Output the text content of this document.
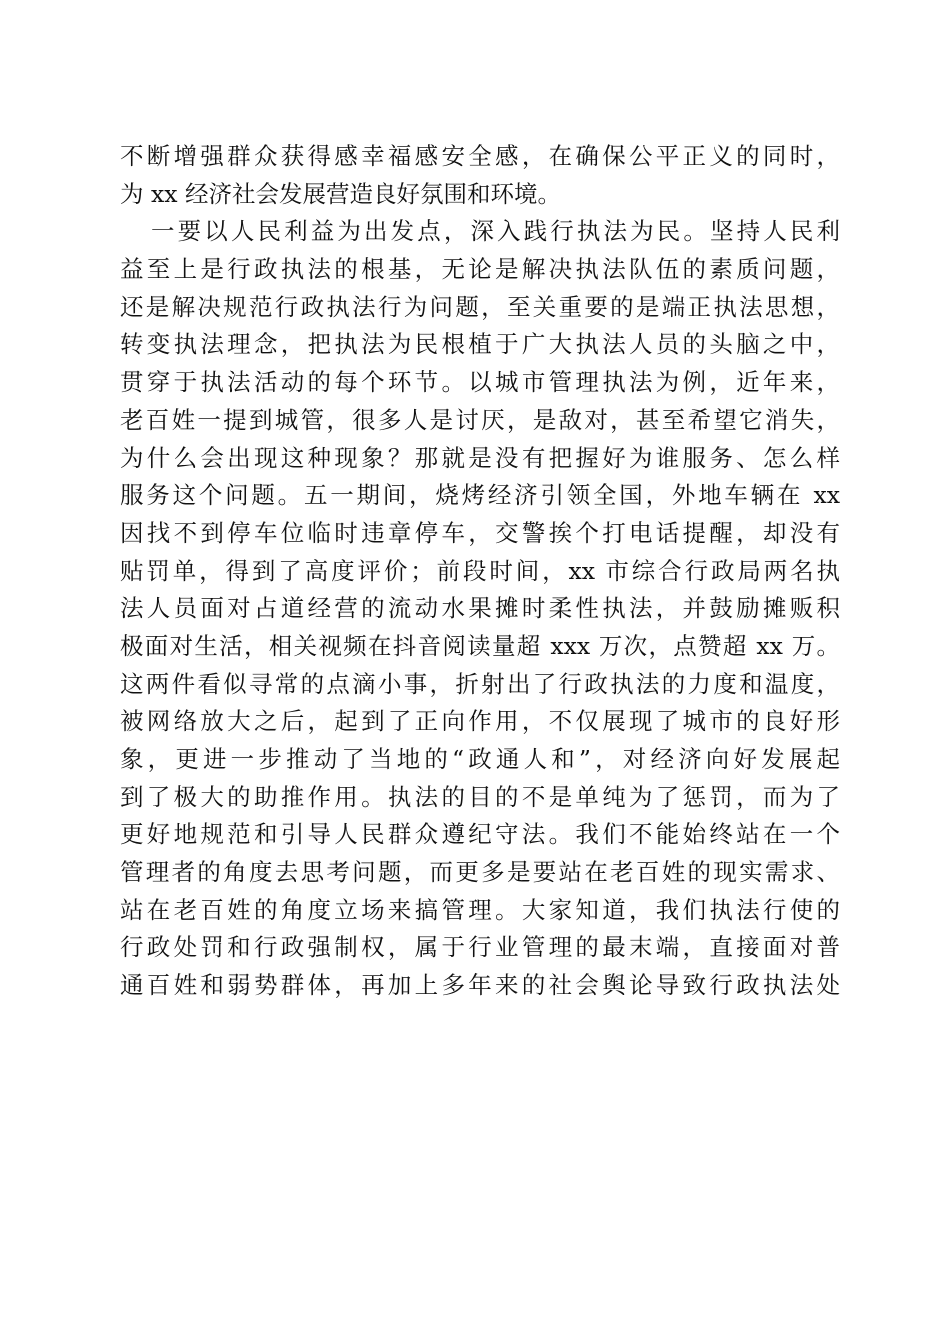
不断增强群众获得感幸福感安全感，在确保公平正义的同时，
为 xx 经济社会发展营造良好氛围和环境。
一要以人民利益为出发点，深入践行执法为民。坚持人民利
益至上是行政执法的根基，无论是解决执法队伍的素质问题，
还是解决规范行政执法行为问题，至关重要的是端正执法思想，
转变执法理念，把执法为民根植于广大执法人员的头脑之中，
贯穿于执法活动的每个环节。以城市管理执法为例，近年来，
老百姓一提到城管，很多人是讨厌，是敌对，甚至希望它消失，
为什么会出现这种现象？那就是没有把握好为谁服务、怎么样
服务这个问题。五一期间，烧烤经济引领全国，外地车辆在 xx
因找不到停车位临时违章停车，交警挨个打电话提醒，却没有
贴罚单，得到了高度评价；前段时间，xx 市综合行政局两名执
法人员面对占道经营的流动水果摊时柔性执法，并鼓励摊贩积
极面对生活，相关视频在抖音阅读量超 xxx 万次，点赞超 xx 万。
这两件看似寻常的点滴小事，折射出了行政执法的力度和温度，
被网络放大之后，起到了正向作用，不仅展现了城市的良好形
象，更进一步推动了当地的“政通人和”，对经济向好发展起
到了极大的助推作用。执法的目的不是单纯为了惩罚，而为了
更好地规范和引导人民群众遵纪守法。我们不能始终站在一个
管理者的角度去思考问题，而更多是要站在老百姓的现实需求、
站在老百姓的角度立场来搞管理。大家知道，我们执法行使的
行政处罚和行政强制权，属于行业管理的最末端，直接面对普
通百姓和弱势群体，再加上多年来的社会舆论导致行政执法处
